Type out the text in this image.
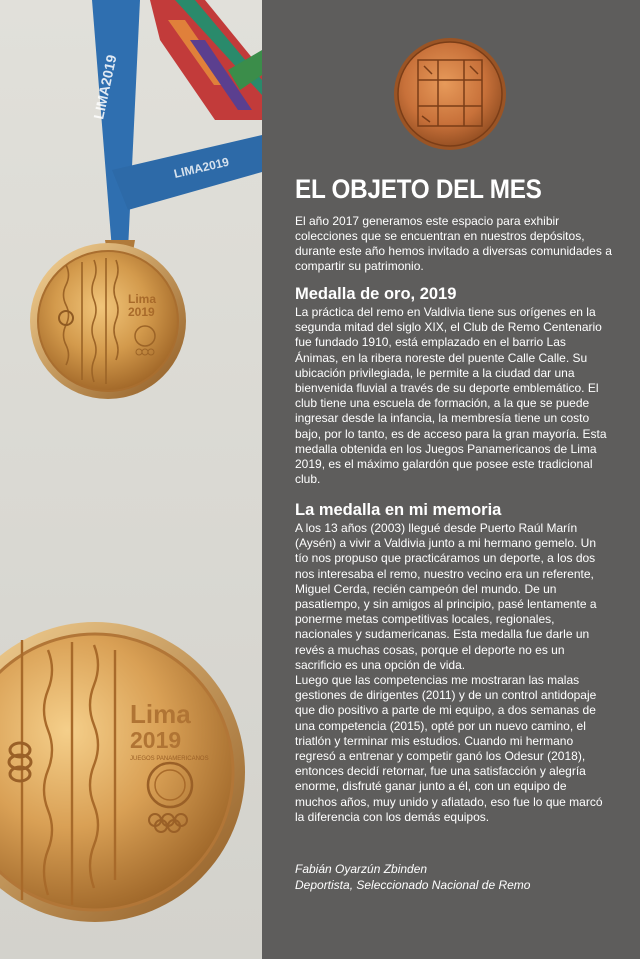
LIMA2019
LIMA2019
Lima
2019
Lima
2019
JUEGOS PANAMERICANOS
EL OBJETO DEL MES

El año 2017 generamos este espacio para exhibir colecciones que se encuentran en nuestros depósitos, durante este año hemos invitado a diversas comunidades a compartir su patrimonio.

Medalla de oro, 2019

La práctica del remo en Valdivia tiene sus orígenes en la segunda mitad del siglo XIX, el Club de Remo Centenario fue fundado 1910, está emplazado en el barrio Las Ánimas, en la ribera noreste del puente Calle Calle. Su ubicación privilegiada, le permite a la ciudad dar una bienvenida fluvial a través de su deporte emblemático. El club tiene una escuela de formación, a la que se puede ingresar desde la infancia, la membresía tiene un costo bajo, por lo tanto, es de acceso para la gran mayoría. Esta medalla obtenida en los Juegos Panamericanos de Lima 2019, es el máximo galardón que posee este tradicional club.

La medalla en mi memoria

A los 13 años (2003) llegué desde Puerto Raúl Marín (Aysén) a vivir a Valdivia junto a mi hermano gemelo. Un tío nos propuso que practicáramos un deporte, a los dos nos interesaba el remo, nuestro vecino era un referente, Miguel Cerda, recién campeón del mundo. De un pasatiempo, y sin amigos al principio, pasé lentamente a ponerme metas competitivas locales, regionales, nacionales y sudamericanas. Esta medalla fue darle un revés a muchas cosas, porque el deporte no es un sacrificio es una opción de vida.
Luego que las competencias me mostraran las malas gestiones de dirigentes (2011) y de un control antidopaje que dio positivo a parte de mi equipo, a dos semanas de una competencia (2015), opté por un nuevo camino, el triatlón y terminar mis estudios. Cuando mi hermano regresó a entrenar y competir ganó los Odesur (2018), entonces decidí retornar, fue una satisfacción y alegría enorme, disfruté ganar junto a él, con un equipo de muchos años, muy unido y afiatado, eso fue lo que marcó la diferencia con los demás equipos.

Fabián Oyarzún Zbinden
Deportista, Seleccionado Nacional de Remo
